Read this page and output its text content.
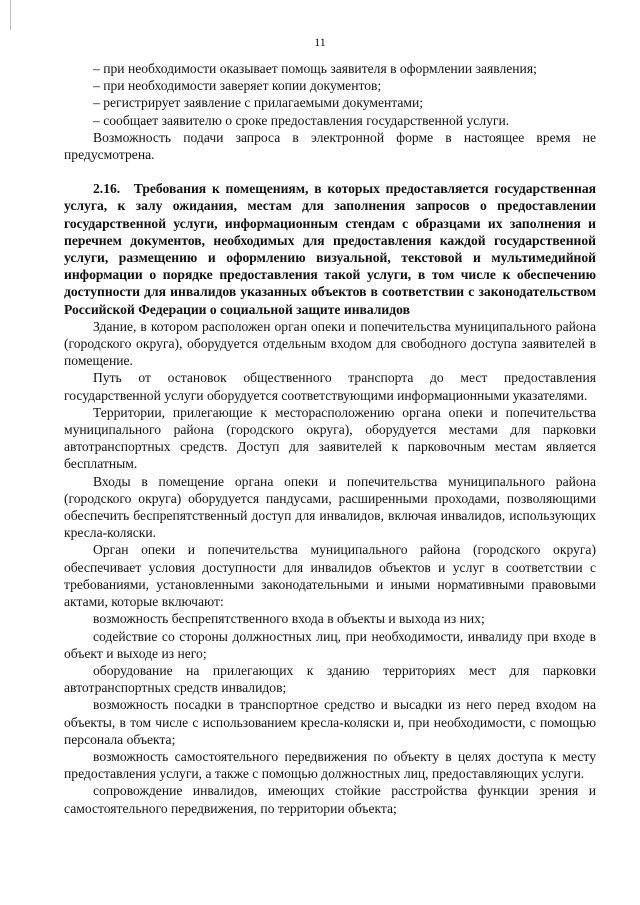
11

– при необходимости оказывает помощь заявителя в оформлении заявления;

– при необходимости заверяет копии документов;

– регистрирует заявление с прилагаемыми документами;

– сообщает заявителю о сроке предоставления государственной услуги.

Возможность подачи запроса в электронной форме в настоящее время не предусмотрена.

2.16. Требования к помещениям, в которых предоставляется государственная услуга, к залу ожидания, местам для заполнения запросов о предоставлении государственной услуги, информационным стендам с образцами их заполнения и перечнем документов, необходимых для предоставления каждой государственной услуги, размещению и оформлению визуальной, текстовой и мультимедийной информации о порядке предоставления такой услуги, в том числе к обеспечению доступности для инвалидов указанных объектов в соответствии с законодательством Российской Федерации о социальной защите инвалидов

Здание, в котором расположен орган опеки и попечительства муниципального района (городского округа), оборудуется отдельным входом для свободного доступа заявителей в помещение.

Путь от остановок общественного транспорта до мест предоставления государственной услуги оборудуется соответствующими информационными указателями.

Территории, прилегающие к месторасположению органа опеки и попечительства муниципального района (городского округа), оборудуется местами для парковки автотранспортных средств. Доступ для заявителей к парковочным местам является бесплатным.

Входы в помещение органа опеки и попечительства муниципального района (городского округа) оборудуется пандусами, расширенными проходами, позволяющими обеспечить беспрепятственный доступ для инвалидов, включая инвалидов, использующих кресла-коляски.

Орган опеки и попечительства муниципального района (городского округа) обеспечивает условия доступности для инвалидов объектов и услуг в соответствии с требованиями, установленными законодательными и иными нормативными правовыми актами, которые включают:

возможность беспрепятственного входа в объекты и выхода из них;

содействие со стороны должностных лиц, при необходимости, инвалиду при входе в объект и выходе из него;

оборудование на прилегающих к зданию территориях мест для парковки автотранспортных средств инвалидов;

возможность посадки в транспортное средство и высадки из него перед входом на объекты, в том числе с использованием кресла-коляски и, при необходимости, с помощью персонала объекта;

возможность самостоятельного передвижения по объекту в целях доступа к месту предоставления услуги, а также с помощью должностных лиц, предоставляющих услуги.

сопровождение инвалидов, имеющих стойкие расстройства функции зрения и самостоятельного передвижения, по территории объекта;
